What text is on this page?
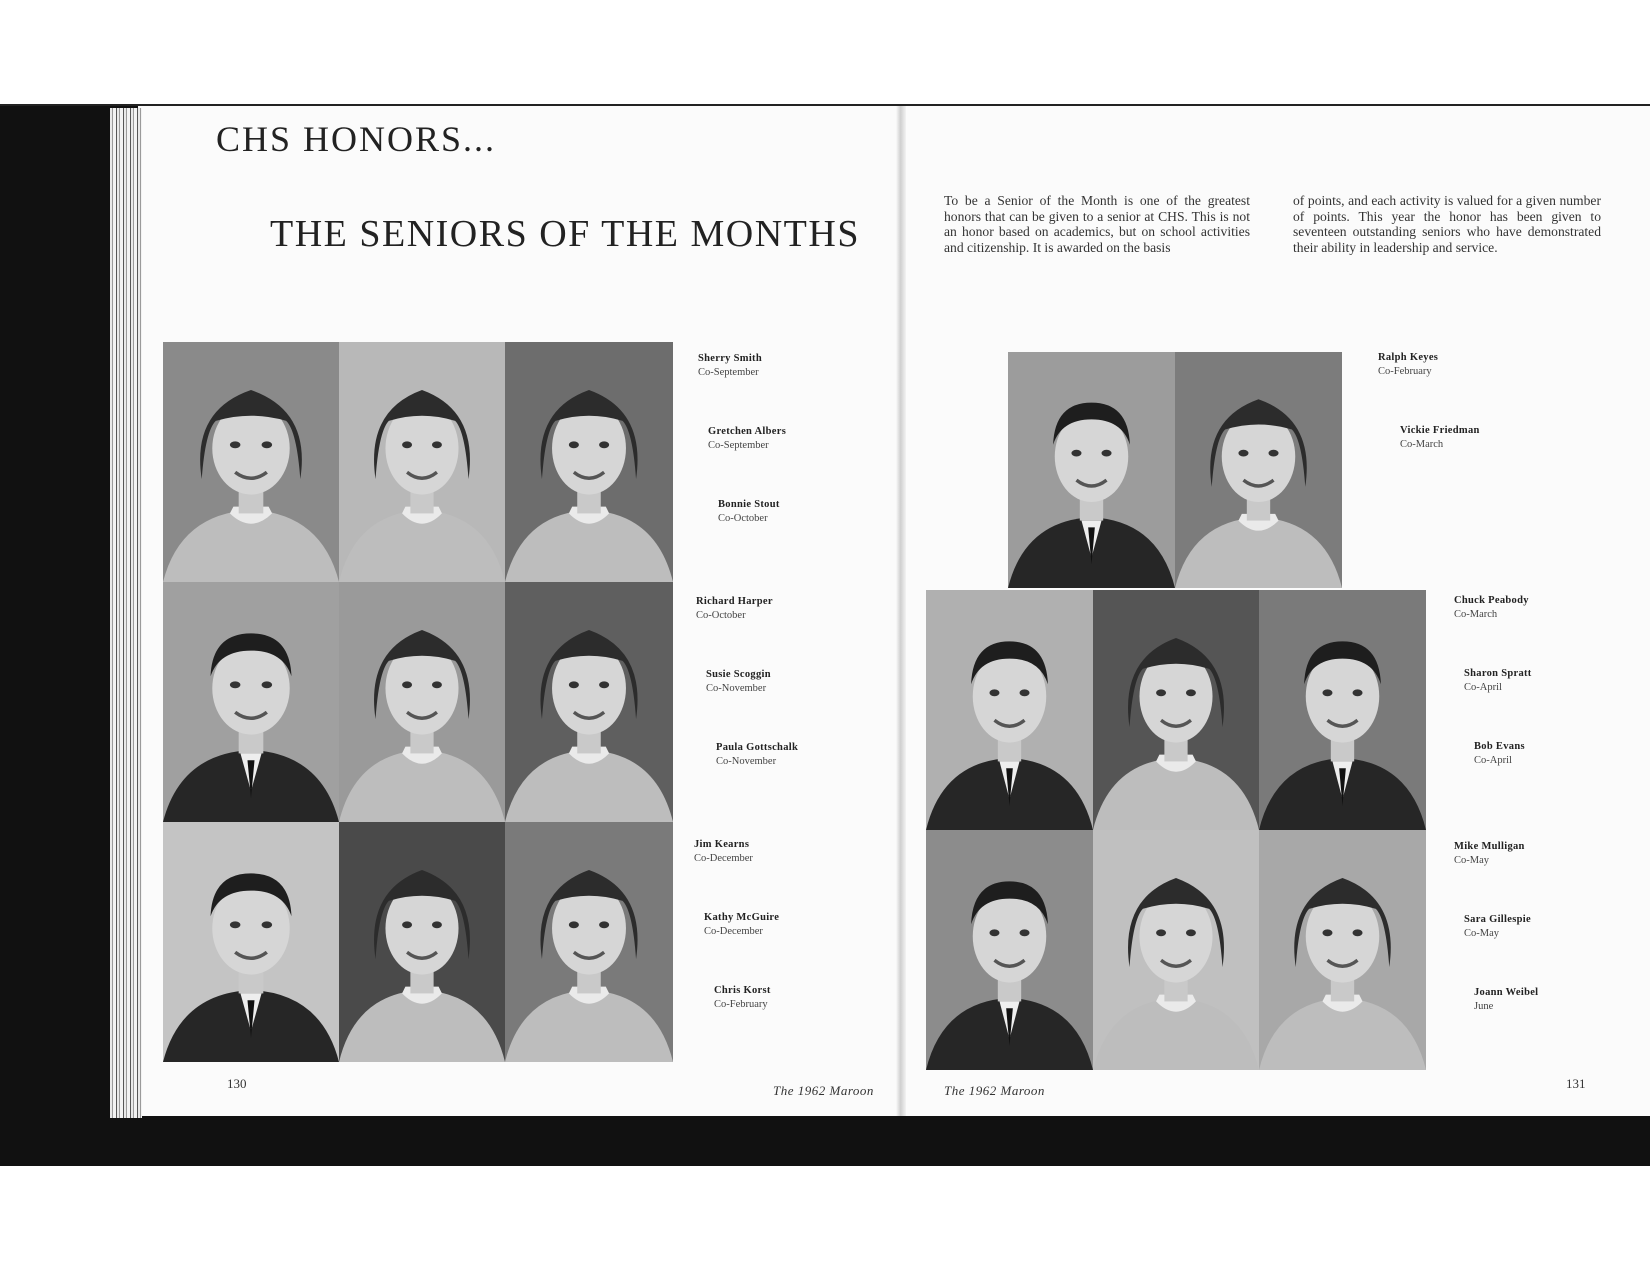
CHS HONORS...
THE SENIORS OF THE MONTHS
To be a Senior of the Month is one of the greatest honors that can be given to a senior at CHS. This is not an honor based on academics, but on school activities and citizenship. It is awarded on the basis
of points, and each activity is valued for a given number of points. This year the honor has been given to seventeen outstanding seniors who have demonstrated their ability in leadership and service.
Sherry Smith
Co-September
Gretchen Albers
Co-September
Bonnie Stout
Co-October
Richard Harper
Co-October
Susie Scoggin
Co-November
Paula Gottschalk
Co-November
Jim Kearns
Co-December
Kathy McGuire
Co-December
Chris Korst
Co-February
Ralph Keyes
Co-February
Vickie Friedman
Co-March
Chuck Peabody
Co-March
Sharon Spratt
Co-April
Bob Evans
Co-April
Mike Mulligan
Co-May
Sara Gillespie
Co-May
Joann Weibel
June
130	131
The 1962 Maroon	The 1962 Maroon
